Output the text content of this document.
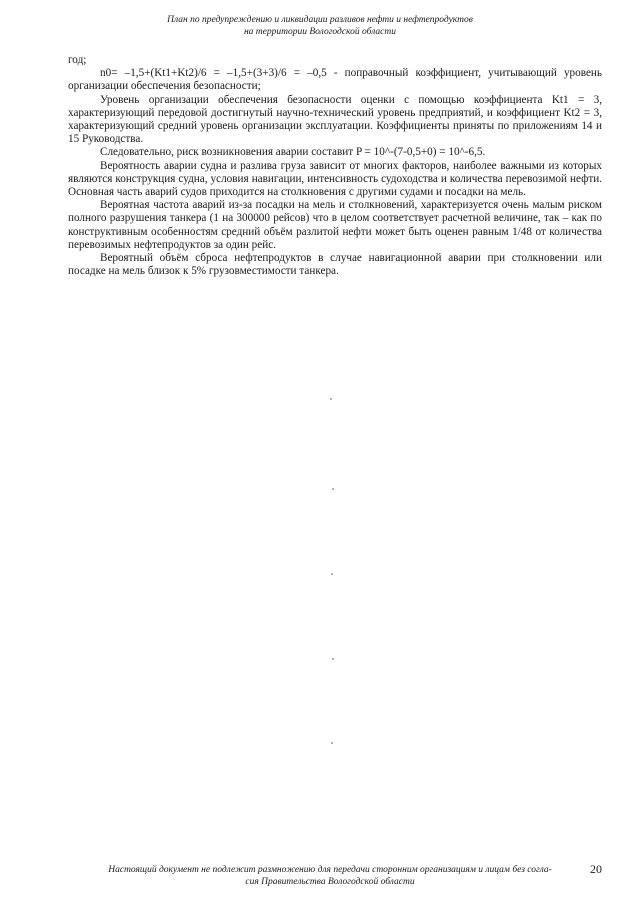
План по предупреждению и ликвидации разливов нефти и нефтепродуктов
на территории Вологодской области

год;

n0= –1,5+(Kt1+Kt2)/6 = –1,5+(3+3)/6 = –0,5 - поправочный коэффициент, учитывающий уровень организации обеспечения безопасности;

Уровень организации обеспечения безопасности оценки с помощью коэффициента Kt1 = 3, характеризующий передовой достигнутый научно-технический уровень предприятий, и коэффициент Kt2 = 3, характеризующий средний уровень организации эксплуатации. Коэффициенты приняты по приложениям 14 и 15 Руководства.

Следовательно, риск возникновения аварии составит P = 10^-(7-0,5+0) = 10^-6,5.

Вероятность аварии судна и разлива груза зависит от многих факторов, наиболее важными из которых являются конструкция судна, условия навигации, интенсивность судоходства и количества перевозимой нефти. Основная часть аварий судов приходится на столкновения с другими судами и посадки на мель.

Вероятная частота аварий из-за посадки на мель и столкновений, характеризуется очень малым риском полного разрушения танкера (1 на 300000 рейсов) что в целом соответствует расчетной величине, так – как по конструктивным особенностям средний объём разлитой нефти может быть оценен равным 1/48 от количества перевозимых нефтепродуктов за один рейс.

Вероятный объём сброса нефтепродуктов в случае навигационной аварии при столкновении или посадке на мель близок к 5% грузовместимости танкера.

Настоящий документ не подлежит размножению для передачи сторонним организациям и лицам без согла-
сия Правительства Вологодской области
20
